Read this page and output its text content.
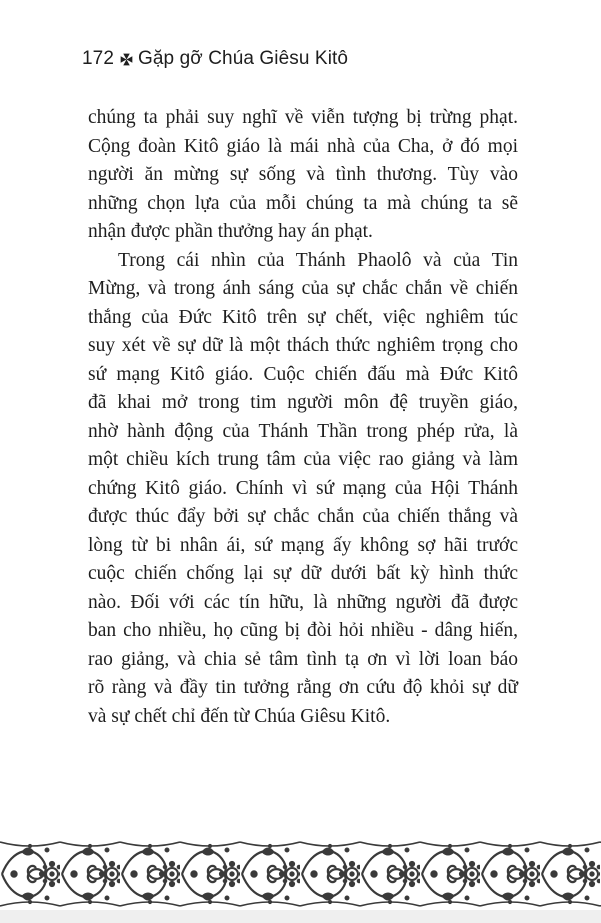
172 Gặp gỡ Chúa Giêsu Kitô
chúng ta phải suy nghĩ về viễn tượng bị trừng phạt.
Cộng đoàn Kitô giáo là mái nhà của Cha, ở đó mọi
người ăn mừng sự sống và tình thương. Tùy vào
những chọn lựa của mỗi chúng ta mà chúng ta sẽ
nhận được phần thưởng hay án phạt.
Trong cái nhìn của Thánh Phaolô và của Tin
Mừng, và trong ánh sáng của sự chắc chắn về chiến
thắng của Đức Kitô trên sự chết, việc nghiêm túc
suy xét về sự dữ là một thách thức nghiêm trọng cho
sứ mạng Kitô giáo. Cuộc chiến đấu mà Đức Kitô
đã khai mở trong tim người môn đệ truyền giáo,
nhờ hành động của Thánh Thần trong phép rửa, là
một chiều kích trung tâm của việc rao giảng và làm
chứng Kitô giáo. Chính vì sứ mạng của Hội Thánh
được thúc đẩy bởi sự chắc chắn của chiến thắng và
lòng từ bi nhân ái, sứ mạng ấy không sợ hãi trước
cuộc chiến chống lại sự dữ dưới bất kỳ hình thức
nào. Đối với các tín hữu, là những người đã được
ban cho nhiều, họ cũng bị đòi hỏi nhiều - dâng hiến,
rao giảng, và chia sẻ tâm tình tạ ơn vì lời loan báo
rõ ràng và đầy tin tưởng rằng ơn cứu độ khỏi sự dữ
và sự chết chỉ đến từ Chúa Giêsu Kitô.
